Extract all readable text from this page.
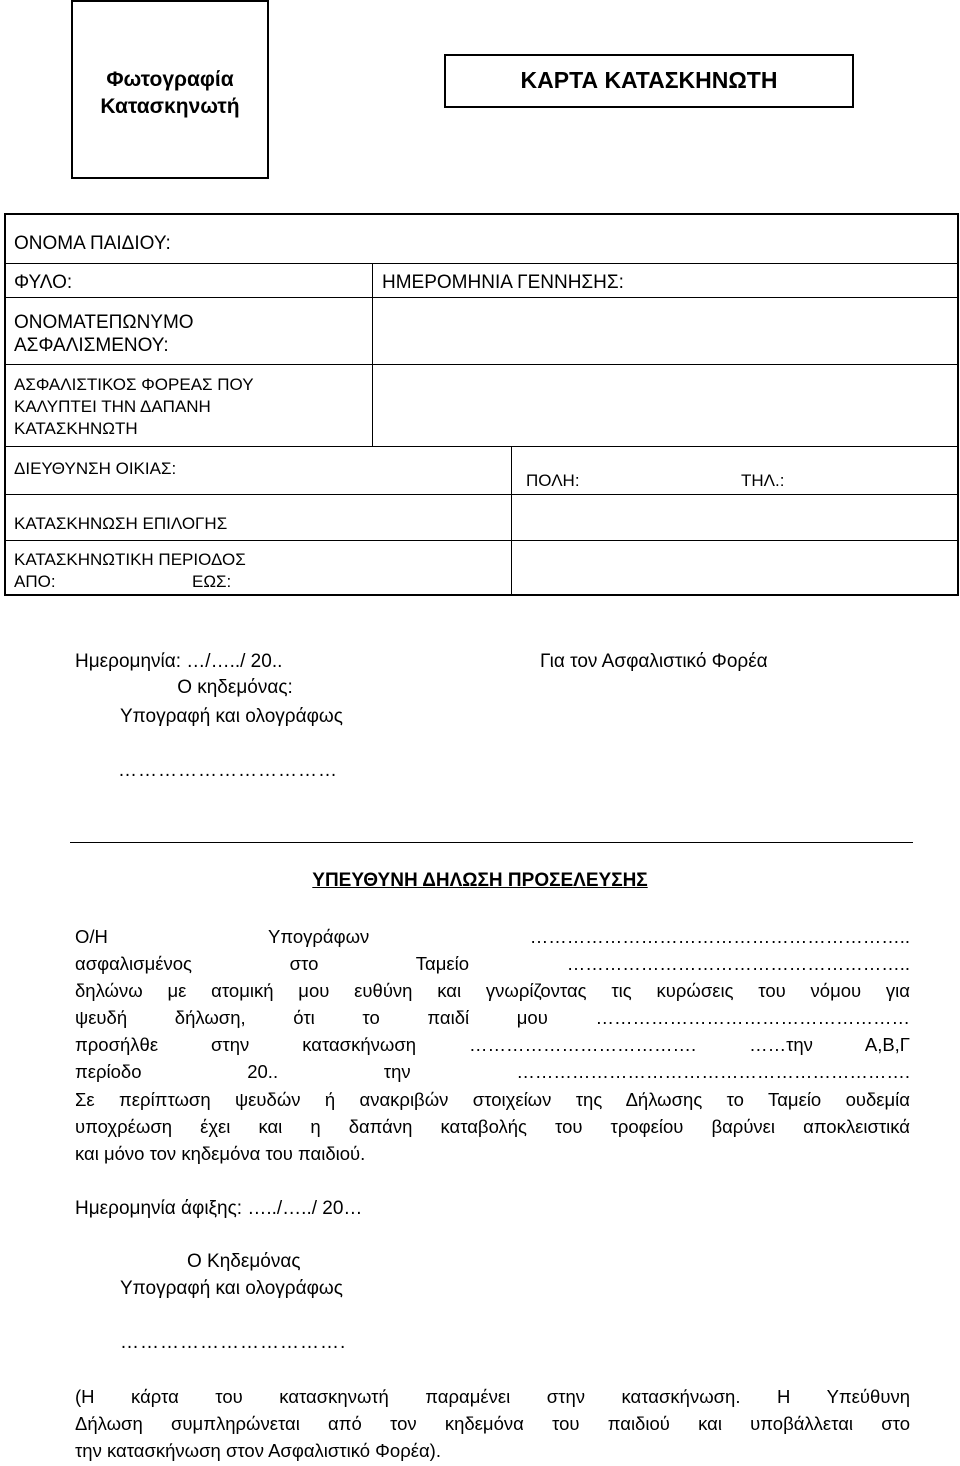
Φωτογραφία
Κατασκηνωτή
ΚΑΡΤΑ ΚΑΤΑΣΚΗΝΩΤΗ
ΟΝΟΜΑ ΠΑΙΔΙΟΥ:
ΦΥΛΟ:	ΗΜΕΡΟΜΗΝΙΑ ΓΕΝΝΗΣΗΣ:
ΟΝΟΜΑΤΕΠΩΝΥΜΟ
ΑΣΦΑΛΙΣΜΕΝΟΥ:
ΑΣΦΑΛΙΣΤΙΚΟΣ ΦΟΡΕΑΣ ΠΟΥ
ΚΑΛΥΠΤΕΙ ΤΗΝ ΔΑΠΑΝΗ
ΚΑΤΑΣΚΗΝΩΤΗ
ΔΙΕΥΘΥΝΣΗ ΟΙΚΙΑΣ:
ΠΟΛΗ:	ΤΗΛ.:
ΚΑΤΑΣΚΗΝΩΣΗ ΕΠΙΛΟΓΗΣ
ΚΑΤΑΣΚΗΝΩΤΙΚΗ ΠΕΡΙΟΔΟΣ
ΑΠΟ:	ΕΩΣ:
Ημερομηνία: …/…../ 20..
Ο κηδεμόνας:
Υπογραφή και ολογράφως
……………………………
Για τον Ασφαλιστικό Φορέα
ΥΠΕΥΘΥΝΗ ΔΗΛΩΣΗ ΠΡΟΣΕΛΕΥΣΗΣ
Ο/Η Υπογράφων ……………………………………………………..
ασφαλισμένος στο Ταμείο ………………………………………………..
δηλώνω με ατομική μου ευθύνη και γνωρίζοντας τις κυρώσεις του νόμου για
ψευδή δήλωση, ότι το παιδί μου ……………………………………………
προσήλθε στην κατασκήνωση ………………………………. ……την Α,Β,Γ
περίοδο 20.. την ……………………………………………………….
Σε περίπτωση ψευδών ή ανακριβών στοιχείων της Δήλωσης το Ταμείο ουδεμία
υποχρέωση έχει και η δαπάνη καταβολής του τροφείου βαρύνει αποκλειστικά
και μόνο τον κηδεμόνα του παιδιού.
Ημερομηνία άφιξης: …../…../ 20…
Ο Κηδεμόνας
Υπογραφή και ολογράφως
…………………………….
(Η κάρτα του κατασκηνωτή παραμένει στην κατασκήνωση. Η Υπεύθυνη
Δήλωση συμπληρώνεται από τον κηδεμόνα του παιδιού και υποβάλλεται στο
την κατασκήνωση στον Ασφαλιστικό Φορέα).
